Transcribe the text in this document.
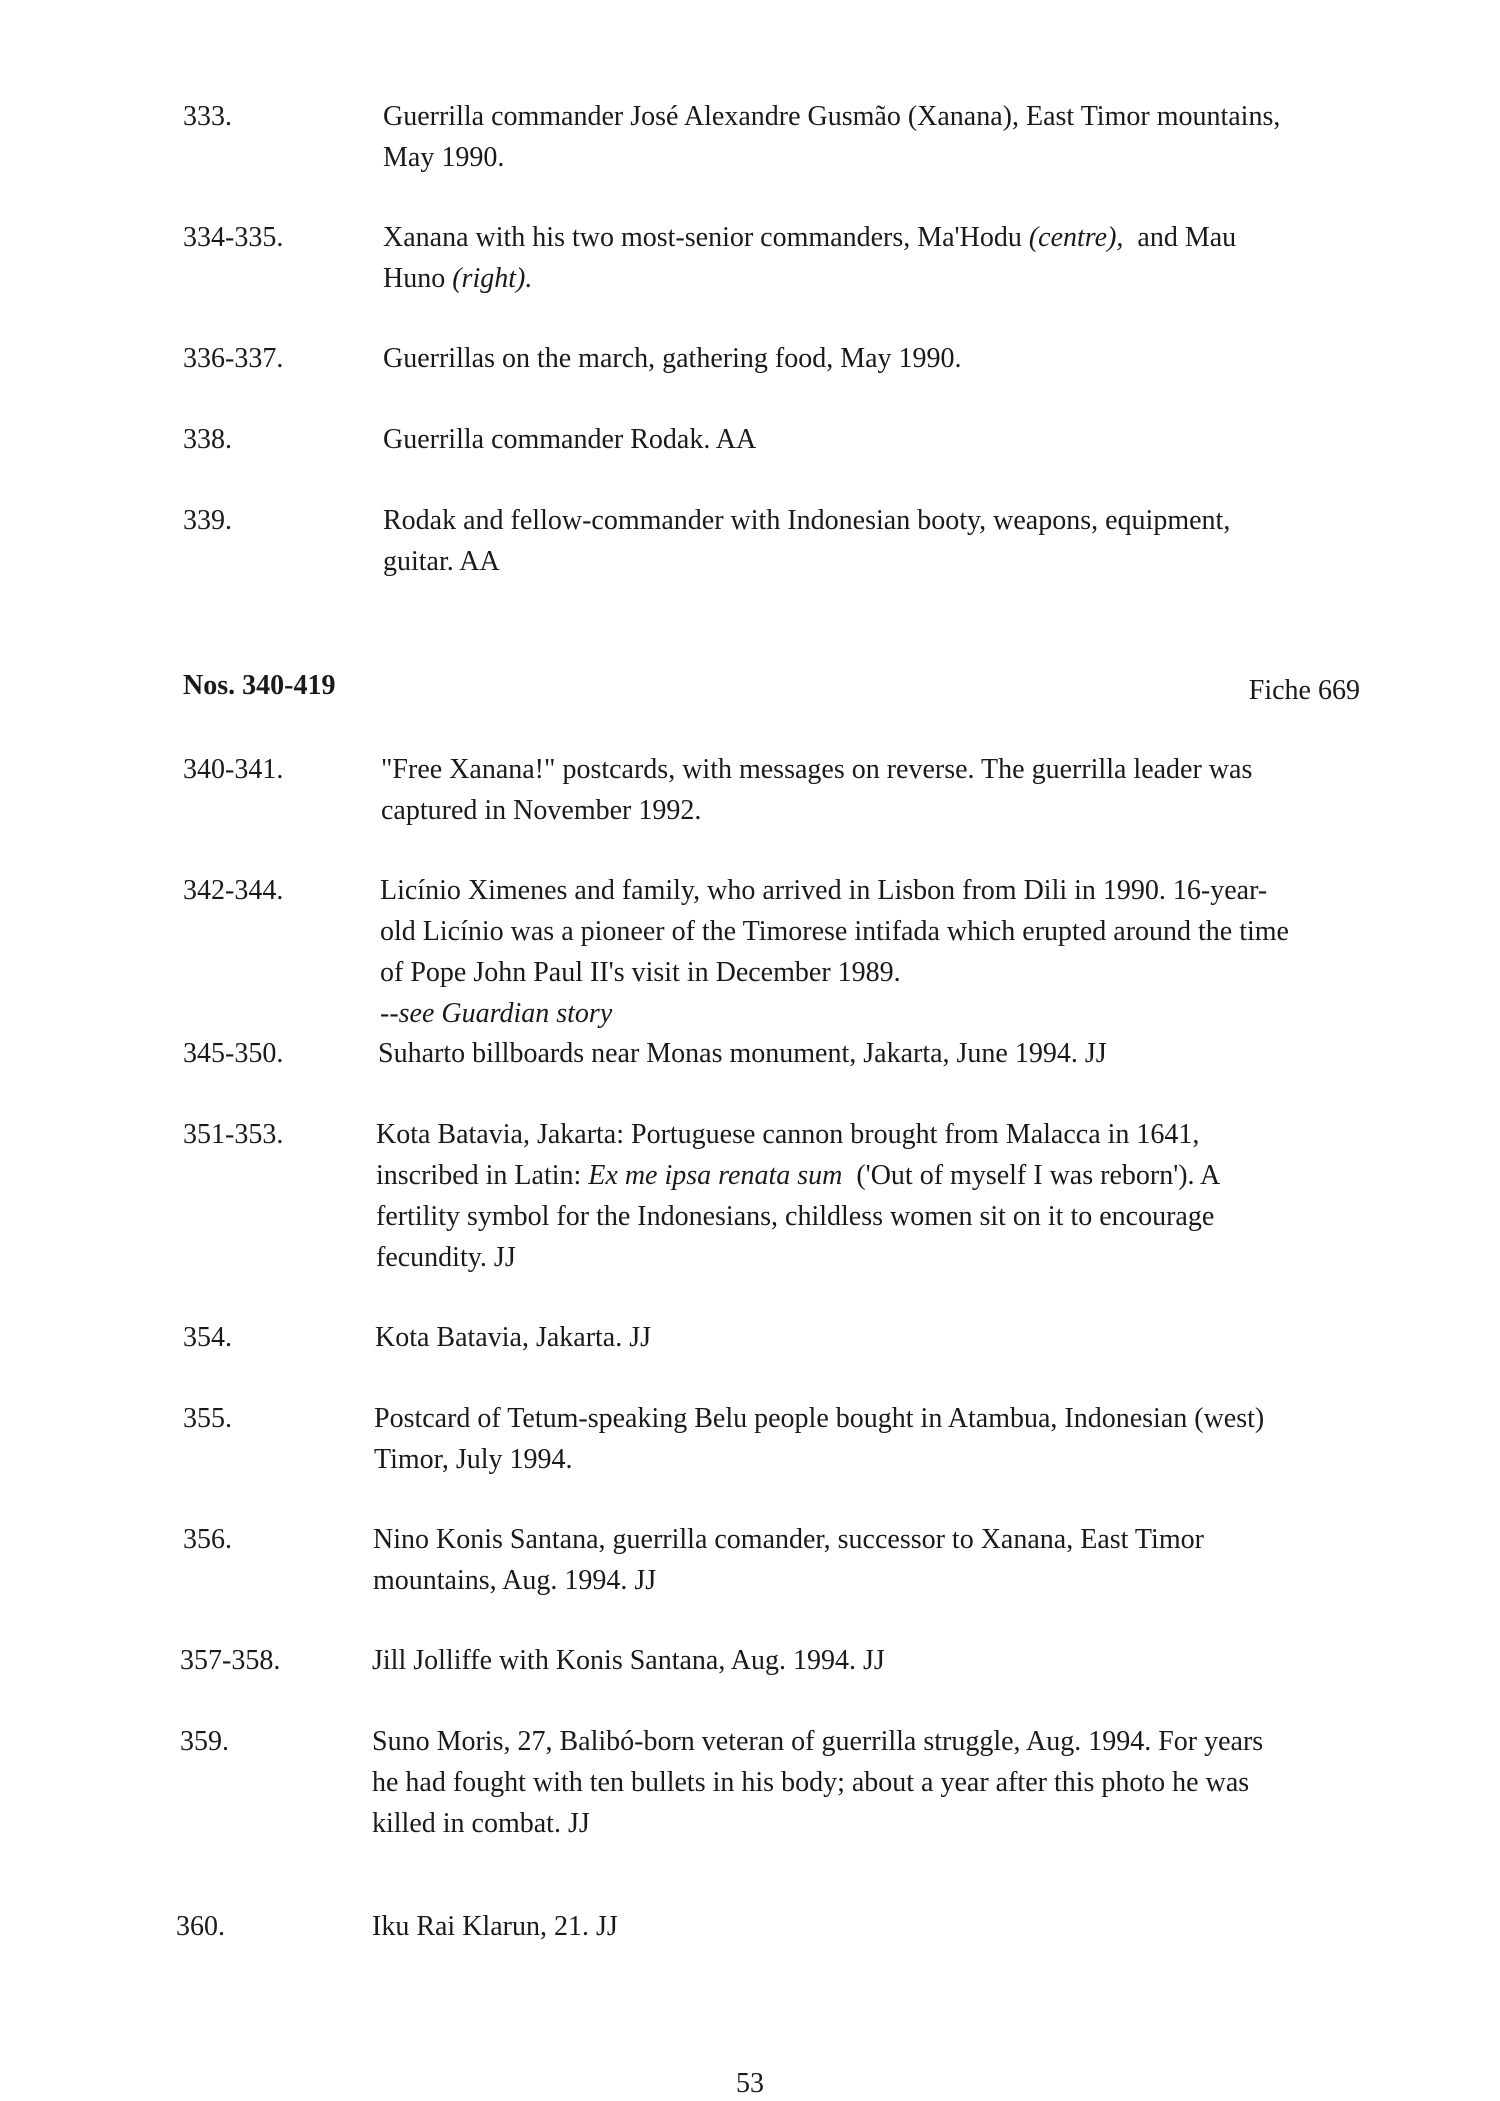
333.	Guerrilla commander José Alexandre Gusmão (Xanana), East Timor mountains,
May 1990.
334-335.	Xanana with his two most-senior commanders, Ma'Hodu (centre), and Mau
Huno (right).
336-337.	Guerrillas on the march, gathering food, May 1990.
338.	Guerrilla commander Rodak. AA
339.	Rodak and fellow-commander with Indonesian booty, weapons, equipment,
guitar. AA
Nos. 340-419	Fiche 669
340-341.	"Free Xanana!" postcards, with messages on reverse. The guerrilla leader was
captured in November 1992.
342-344.	Licínio Ximenes and family, who arrived in Lisbon from Dili in 1990. 16-year-
old Licínio was a pioneer of the Timorese intifada which erupted around the time
of Pope John Paul II's visit in December 1989.
--see Guardian story
345-350.	Suharto billboards near Monas monument, Jakarta, June 1994. JJ
351-353.	Kota Batavia, Jakarta: Portuguese cannon brought from Malacca in 1641,
inscribed in Latin: Ex me ipsa renata sum ('Out of myself I was reborn'). A
fertility symbol for the Indonesians, childless women sit on it to encourage
fecundity. JJ
354.	Kota Batavia, Jakarta. JJ
355.	Postcard of Tetum-speaking Belu people bought in Atambua, Indonesian (west)
Timor, July 1994.
356.	Nino Konis Santana, guerrilla comander, successor to Xanana, East Timor
mountains, Aug. 1994. JJ
357-358.	Jill Jolliffe with Konis Santana, Aug. 1994. JJ
359.	Suno Moris, 27, Balibó-born veteran of guerrilla struggle, Aug. 1994. For years
he had fought with ten bullets in his body; about a year after this photo he was
killed in combat. JJ
360.	Iku Rai Klarun, 21. JJ
53
